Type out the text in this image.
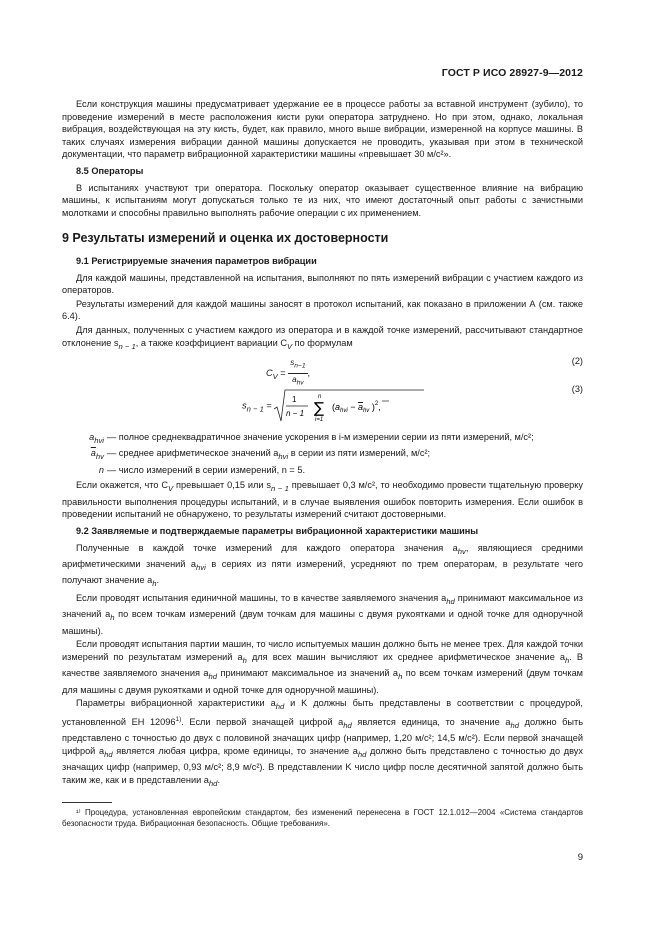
ГОСТ Р ИСО 28927-9—2012

Если конструкция машины предусматривает удержание ее в процессе работы за вставной инструмент (зубило), то проведение измерений в месте расположения кисти руки оператора затруднено. Но при этом, однако, локальная вибрация, воздействующая на эту кисть, будет, как правило, много выше вибрации, измеренной на корпусе машины. В таких случаях измерения вибрации данной машины допускается не проводить, указывая при этом в технической документации, что параметр вибрационной характеристики машины «превышает 30 м/с²».

8.5 Операторы

В испытаниях участвуют три оператора. Поскольку оператор оказывает существенное влияние на вибрацию машины, к испытаниям могут допускаться только те из них, что имеют достаточный опыт работы с зачистными молотками и способны правильно выполнять рабочие операции с их применением.

9 Результаты измерений и оценка их достоверности
9.1 Регистрируемые значения параметров вибрации

Для каждой машины, представленной на испытания, выполняют по пять измерений вибрации с участием каждого из операторов.

Результаты измерений для каждой машины заносят в протокол испытаний, как показано в приложении А (см. также 6.4).

Для данных, полученных с участием каждого из оператора и в каждой точке измерений, рассчитывают стандартное отклонение $s_{n - 1}$, а также коэффициент вариации $C_V$ по формулам

$C_V$ =
$s_{n-1}$
$a_{hv}$
,
(2)
$s_{n - 1}$ =
1
n − 1 ∑
n
i=1
($a_{hvi} - a_{hv}$ )$^2$,
(3)
$a_{hvi}$ — полное среднеквадратичное значение ускорения в i-м измерении серии из пяти измерений, м/с²;
$\overline{a}_{hv}$ — среднее арифметическое значений $a_{hvi}$ в серии из пяти измерений, м/с²;
n — число измерений в серии измерений, n = 5.

Если окажется, что $C_V$ превышает 0,15 или $s_{n - 1}$ превышает 0,3 м/с², то необходимо провести тщательную проверку правильности выполнения процедуры испытаний, и в случае выявления ошибок повторить измерения. Если ошибок в проведении испытаний не обнаружено, то результаты измерений считают достоверными.

9.2 Заявляемые и подтверждаемые параметры вибрационной характеристики машины

Полученные в каждой точке измерений для каждого оператора значения $a_{hv}$, являющиеся средними арифметическими значений $a_{hvi}$ в сериях из пяти измерений, усредняют по трем операторам, в результате чего получают значение $a_h$.

Если проводят испытания единичной машины, то в качестве заявляемого значения $a_{hd}$ принимают максимальное из значений $a_h$ по всем точкам измерений (двум точкам для машины с двумя рукоятками и одной точке для одноручной машины).

Если проводят испытания партии машин, то число испытуемых машин должно быть не менее трех. Для каждой точки измерений по результатам измерений $a_h$ для всех машин вычисляют их среднее арифметическое значение $a_h$. В качестве заявляемого значения $a_{hd}$ принимают максимальное из значений $a_h$ по всем точкам измерений (двум точкам для машины с двумя рукоятками и одной точке для одноручной машины).

Параметры вибрационной характеристики $a_{hd}$ и K должны быть представлены в соответствии с процедурой, установленной ЕН 12096$^{1)}$. Если первой значащей цифрой $a_{hd}$ является единица, то значение $a_{hd}$ должно быть представлено с точностью до двух с половиной значащих цифр (например, 1,20 м/с²; 14,5 м/с²). Если первой значащей цифрой $a_{hd}$ является любая цифра, кроме единицы, то значение $a_{hd}$ должно быть представлено с точностью до двух значащих цифр (например, 0,93 м/с²; 8,9 м/с²). В представлении K число цифр после десятичной запятой должно быть таким же, как и в представлении $a_{hd}$.

¹⁾ Процедура, установленная европейским стандартом, без изменений перенесена в ГОСТ 12.1.012—2004 «Система стандартов безопасности труда. Вибрационная безопасность. Общие требования».
9
